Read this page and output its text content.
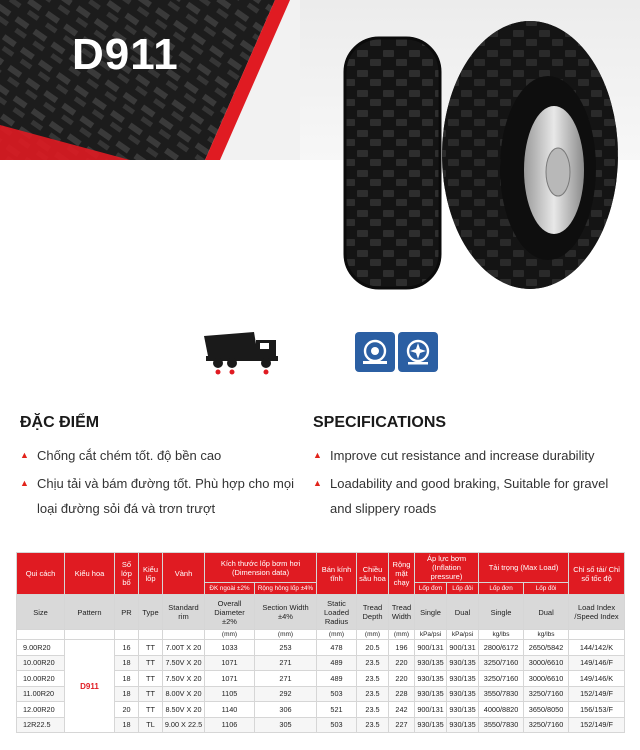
D911
ĐẶC ĐIỂM
▲ Chống cắt chém tốt. độ bền cao
▲ Chịu tải và bám đường tốt. Phù hợp cho mọi loại đường sỏi đá và trơn trượt
SPECIFICATIONS
▲ Improve cut resistance and increase durability
▲ Loadability and good braking, Suitable for gravel and slippery roads
Qui cách	Kiểu hoa	Số lớp bố	Kiểu lốp	Vành	Kích thước lốp bơm hơi (Dimension data)		Bán kính tĩnh	Chiều sâu hoa	Rộng mặt chạy	Áp lực bơm (Inflation pressure)		Tải trọng (Max Load)		Chỉ số tải/ Chỉ số tốc độ
					ĐK ngoài ±2%	Rộng hông lốp ±4%				Lốp đơn	Lốp đôi	Lốp đơn	Lốp đôi	
Size	Pattern	PR	Type	Standard rim	Overall Diameter ±2%	Section Width ±4%	Static Loaded Radius	Tread Depth	Tread Width	Single	Dual	Single	Dual	Load Index /Speed Index
					(mm)	(mm)	(mm)	(mm)	(mm)	kPa/psi	kPa/psi	kg/lbs	kg/lbs	
9.00R20	D911	16	TT	7.00T X 20	1033	253	478	20.5	196	900/131	900/131	2800/6172	2650/5842	144/142/K
10.00R20		18	TT	7.50V X 20	1071	271	489	23.5	220	930/135	930/135	3250/7160	3000/6610	149/146/F
10.00R20		18	TT	7.50V X 20	1071	271	489	23.5	220	930/135	930/135	3250/7160	3000/6610	149/146/K
11.00R20		18	TT	8.00V X 20	1105	292	503	23.5	228	930/135	930/135	3550/7830	3250/7160	152/149/F
12.00R20		20	TT	8.50V X 20	1140	306	521	23.5	242	900/131	930/135	4000/8820	3650/8050	156/153/F
12R22.5		18	TL	9.00 X 22.5	1106	305	503	23.5	227	930/135	930/135	3550/7830	3250/7160	152/149/F
